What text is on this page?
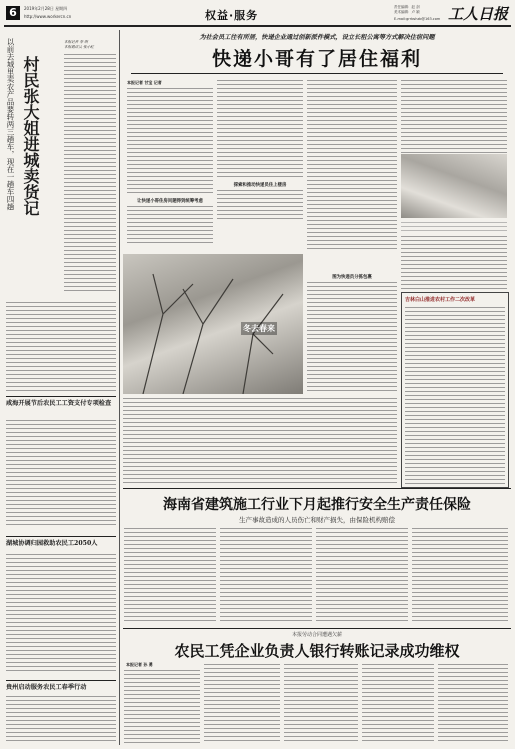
6	2019年2月28日 星期四
http://www.workercn.cn	权益·服务
责任编辑：赵 剑
美术编辑：卢 颖 工人日报
E-mail:grrbshzb@163.com
村民张大姐进城卖货记
以前去城里卖农产品要转两三趟车，现在一趟车四趟	本报记者 李 明
本报通讯员 张小红
咸海开展节后农民工工资支付专项检查
湖城协调归园救助农民工2050人
贵州启动服务农民工春季行动
为社会员工往有所居，快递企业通过创新派件模式，设立长租公寓等方式解决住宿问题
快递小哥有了居住福利
本报记者 甘宝 记者
探索和推动快递员住上楼房
让快递小哥住房问题得到统筹考虑
图为快递员分拣包裹
冬去春来
吉林白山推进农村工作二次改革
海南省建筑施工行业下月起推行安全生产责任保险
生产事故造成的人员伤亡和财产损失，由保险机构赔偿
本报劳动合同遭遇欠薪
农民工凭企业负责人银行转账记录成功维权
本报记者 孙 勇
